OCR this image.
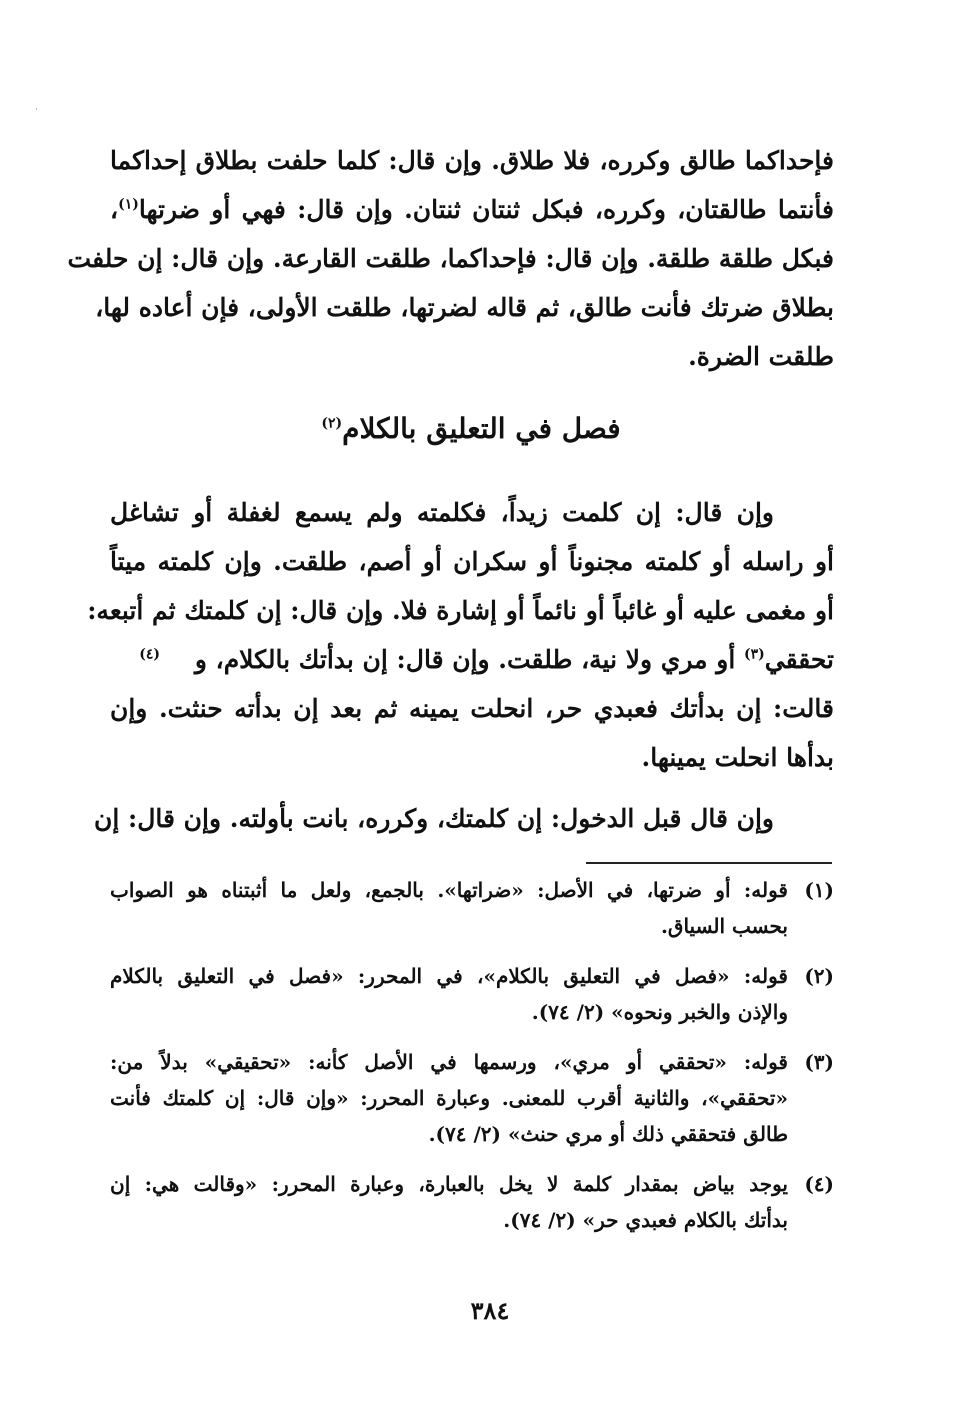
فإحداكما طالق وكرره، فلا طلاق. وإن قال: كلما حلفت بطلاق إحداكما
فأنتما طالقتان، وكرره، فبكل ثنتان ثنتان. وإن قال: فهي أو ضرتها$^{(١)}$،
فبكل طلقة طلقة. وإن قال: فإحداكما، طلقت القارعة. وإن قال: إن حلفت
بطلاق ضرتك فأنت طالق، ثم قاله لضرتها، طلقت الأولى، فإن أعاده لها،
طلقت الضرة.
فصل في التعليق بالكلام$^{(٢)}$
وإن قال: إن كلمت زيداً، فكلمته ولم يسمع لغفلة أو تشاغل
أو راسله أو كلمته مجنوناً أو سكران أو أصم، طلقت. وإن كلمته ميتاً
أو مغمى عليه أو غائباً أو نائماً أو إشارة فلا. وإن قال: إن كلمتك ثم أتبعه:
تحققي$^{(٣)}$ أو مري ولا نية، طلقت. وإن قال: إن بدأتك بالكلام، و    $^{(٤)}$
قالت: إن بدأتك فعبدي حر، انحلت يمينه ثم بعد إن بدأته حنثت. وإن
بدأها انحلت يمينها.
وإن قال قبل الدخول: إن كلمتك، وكرره، بانت بأولته. وإن قال: إن
(١)
قوله: أو ضرتها، في الأصل: «ضراتها». بالجمع، ولعل ما أثبتناه هو الصواب
بحسب السياق.
(٢)
قوله: «فصل في التعليق بالكلام»، في المحرر: «فصل في التعليق بالكلام
والإذن والخبر ونحوه» (٢/ ٧٤).
(٣)
قوله: «تحققي أو مري»، ورسمها في الأصل كأنه: «تحقيقي» بدلاً من:
«تحققي»، والثانية أقرب للمعنى. وعبارة المحرر: «وإن قال: إن كلمتك فأنت
طالق فتحققي ذلك أو مري حنث» (٢/ ٧٤).
(٤)
يوجد بياض بمقدار كلمة لا يخل بالعبارة، وعبارة المحرر: «وقالت هي: إن
بدأتك بالكلام فعبدي حر» (٢/ ٧٤).
٣٨٤
